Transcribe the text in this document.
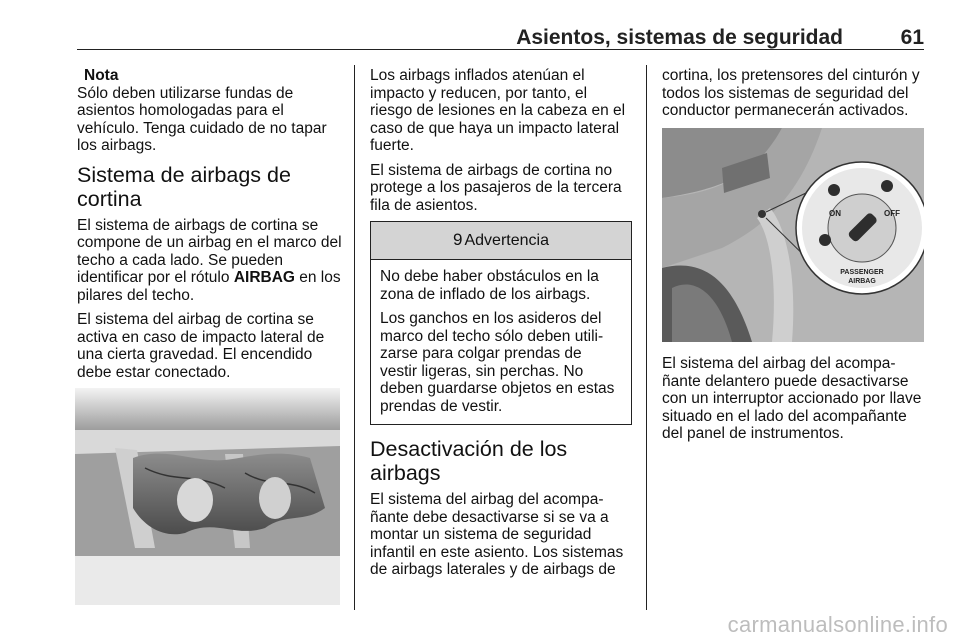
Asientos, sistemas de seguridad	61
Nota

Sólo deben utilizarse fundas de asientos homologadas para el vehículo. Tenga cuidado de no tapar los airbags.

Sistema de airbags de cortina

El sistema de airbags de cortina se compone de un airbag en el marco del techo a cada lado. Se pueden identificar por el rótulo AIRBAG en los pilares del techo.

El sistema del airbag de cortina se activa en caso de impacto lateral de una cierta gravedad. El encendido debe estar conectado.

Los airbags inflados atenúan el impacto y reducen, por tanto, el riesgo de lesiones en la cabeza en el caso de que haya un impacto lateral fuerte.

El sistema de airbags de cortina no protege a los pasajeros de la tercera fila de asientos.

9 Advertencia

No debe haber obstáculos en la zona de inflado de los airbags.

Los ganchos en los asideros del marco del techo sólo deben utili-zarse para colgar prendas de vestir ligeras, sin perchas. No deben guardarse objetos en estas prendas de vestir.

Desactivación de los airbags

El sistema del airbag del acompa-ñante debe desactivarse si se va a montar un sistema de seguridad infantil en este asiento. Los sistemas de airbags laterales y de airbags de

cortina, los pretensores del cinturón y todos los sistemas de seguridad del conductor permanecerán activados.

ON	OFF
PASSENGER
AIRBAG

El sistema del airbag del acompa-ñante delantero puede desactivarse con un interruptor accionado por llave situado en el lado del acompañante del panel de instrumentos.

carmanualsonline.info
